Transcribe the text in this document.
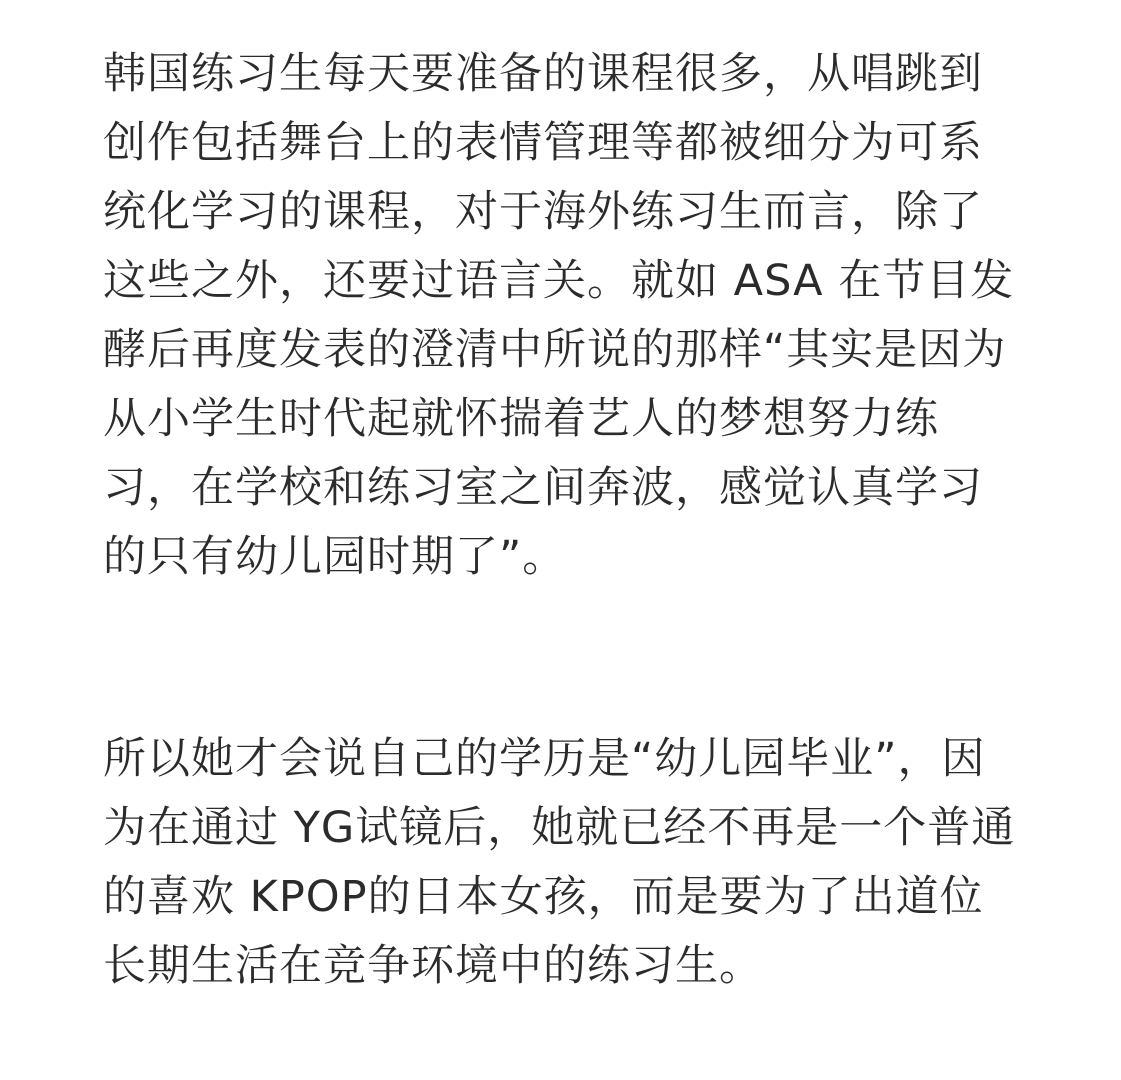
韩国练习生每天要准备的课程很多，从唱跳到
创作包括舞台上的表情管理等都被细分为可系
统化学习的课程，对于海外练习生而言，除了
这些之外，还要过语言关。就如 ASA 在节目发
酵后再度发表的澄清中所说的那样“其实是因为
从小学生时代起就怀揣着艺人的梦想努力练
习，在学校和练习室之间奔波，感觉认真学习
的只有幼儿园时期了”。
所以她才会说自己的学历是“幼儿园毕业”，因
为在通过 YG试镜后，她就已经不再是一个普通
的喜欢 KPOP的日本女孩，而是要为了出道位
长期生活在竞争环境中的练习生。
